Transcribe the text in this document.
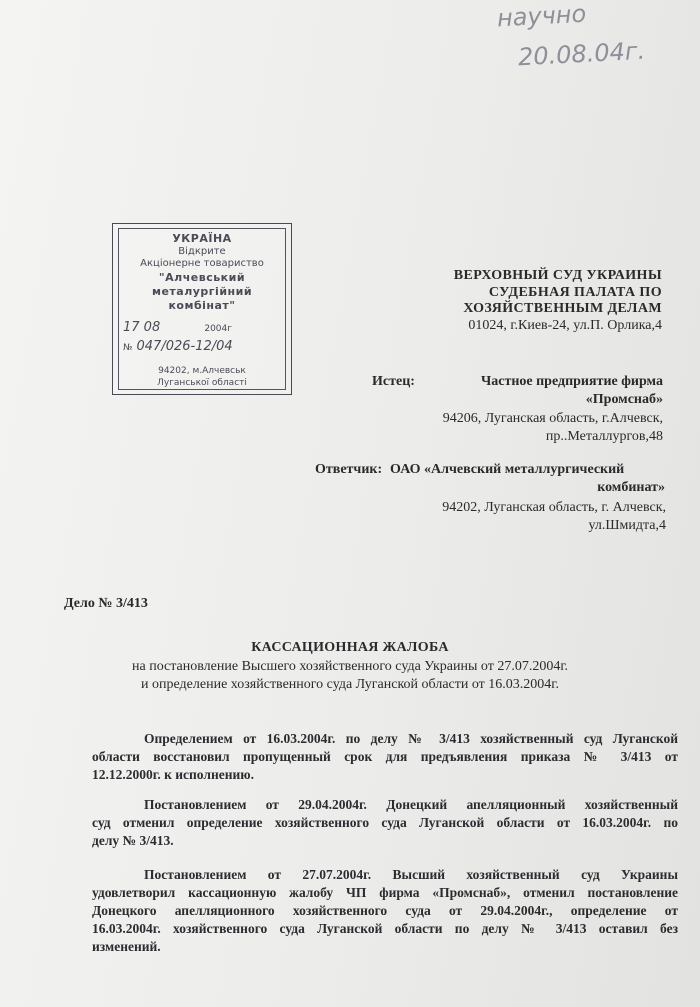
научно
20.08.04г.
УКРАЇНА
Відкрите
Акціонерне товариство
"Алчевський
металургійний
комбінат"
17 08	2004г
№ 047/026-12/04
94202, м.Алчевськ
Луганської області
ВЕРХОВНЫЙ СУД УКРАИНЫ
СУДЕБНАЯ ПАЛАТА ПО
ХОЗЯЙСТВЕННЫМ ДЕЛАМ
01024, г.Киев-24, ул.П. Орлика,4
Истец:	Частное предприятие фирма
«Промснаб»
94206, Луганская область, г.Алчевск,
пр..Металлургов,48
Ответчик: ОАО «Алчевский металлургический
комбинат»
94202, Луганская область, г. Алчевск,
ул.Шмидта,4
Дело № 3/413
КАССАЦИОННАЯ ЖАЛОБА
на постановление Высшего хозяйственного суда Украины от 27.07.2004г.
и определение хозяйственного суда Луганской области от 16.03.2004г.
Определением от 16.03.2004г. по делу № 3/413 хозяйственный суд Луганской
области восстановил пропущенный срок для предъявления приказа № 3/413 от
12.12.2000г. к исполнению.
Постановлением от 29.04.2004г. Донецкий апелляционный хозяйственный
суд отменил определение хозяйственного суда Луганской области от 16.03.2004г. по
делу № 3/413.
Постановлением от 27.07.2004г. Высший хозяйственный суд Украины
удовлетворил кассационную жалобу ЧП фирма «Промснаб», отменил постановление
Донецкого апелляционного хозяйственного суда от 29.04.2004г., определение от
16.03.2004г. хозяйственного суда Луганской области по делу № 3/413 оставил без
изменений.
